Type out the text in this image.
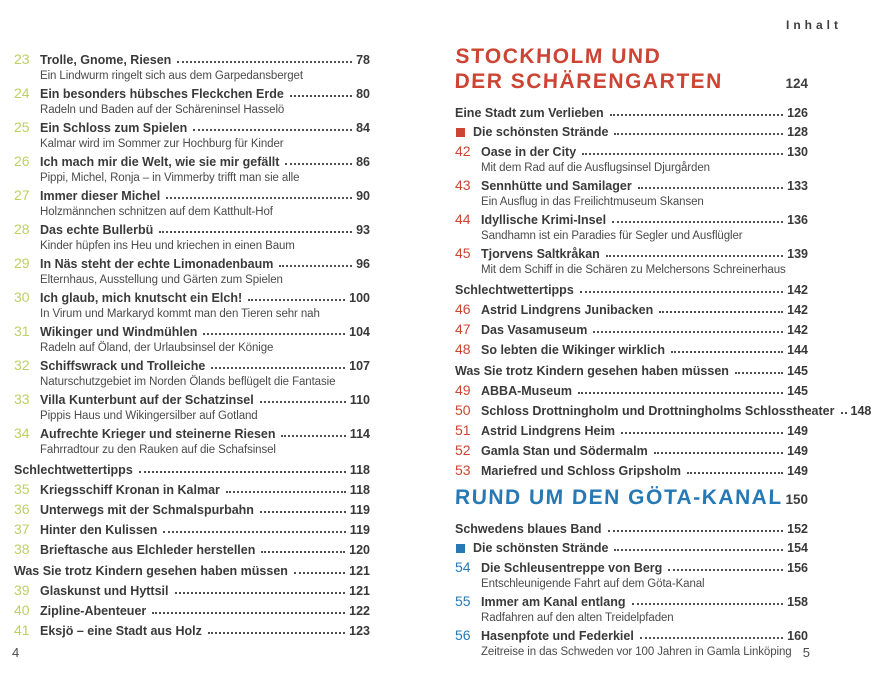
Inhalt
23 Trolle, Gnome, Riesen	78
Ein Lindwurm ringelt sich aus dem Garpedansberget
24 Ein besonders hübsches Fleckchen Erde	80
Radeln und Baden auf der Schäreninsel Hasselö
25 Ein Schloss zum Spielen	84
Kalmar wird im Sommer zur Hochburg für Kinder
26 Ich mach mir die Welt, wie sie mir gefällt	86
Pippi, Michel, Ronja – in Vimmerby trifft man sie alle
27 Immer dieser Michel	90
Holzmännchen schnitzen auf dem Katthult-Hof
28 Das echte Bullerbü	93
Kinder hüpfen ins Heu und kriechen in einen Baum
29 In Näs steht der echte Limonadenbaum	96
Elternhaus, Ausstellung und Gärten zum Spielen
30 Ich glaub, mich knutscht ein Elch!	100
In Virum und Markaryd kommt man den Tieren sehr nah
31 Wikinger und Windmühlen	104
Radeln auf Öland, der Urlaubsinsel der Könige
32 Schiffswrack und Trolleiche	107
Naturschutzgebiet im Norden Ölands beflügelt die Fantasie
33 Villa Kunterbunt auf der Schatzinsel	110
Pippis Haus und Wikingersilber auf Gotland
34 Aufrechte Krieger und steinerne Riesen	114
Fahrradtour zu den Rauken auf die Schafsinsel
Schlechtwettertipps	118
35 Kriegsschiff Kronan in Kalmar	118
36 Unterwegs mit der Schmalspurbahn	119
37 Hinter den Kulissen	119
38 Brieftasche aus Elchleder herstellen	120
Was Sie trotz Kindern gesehen haben müssen	121
39 Glaskunst und Hyttsil	121
40 Zipline-Abenteuer	122
41 Eksjö – eine Stadt aus Holz	123
STOCKHOLM UND
DER SCHÄRENGARTEN	124
Eine Stadt zum Verlieben	126
Die schönsten Strände	128
42 Oase in der City	130
Mit dem Rad auf die Ausflugsinsel Djurgården
43 Sennhütte und Samilager	133
Ein Ausflug in das Freilichtmuseum Skansen
44 Idyllische Krimi-Insel	136
Sandhamn ist ein Paradies für Segler und Ausflügler
45 Tjorvens Saltkråkan	139
Mit dem Schiff in die Schären zu Melchersons Schreinerhaus
Schlechtwettertipps	142
46 Astrid Lindgrens Junibacken	142
47 Das Vasamuseum	142
48 So lebten die Wikinger wirklich	144
Was Sie trotz Kindern gesehen haben müssen	145
49 ABBA-Museum	145
50 Schloss Drottningholm und Drottningholms Schlosstheater 148
51 Astrid Lindgrens Heim	149
52 Gamla Stan und Södermalm	149
53 Mariefred und Schloss Gripsholm	149
RUND UM DEN GÖTA-KANAL 150
Schwedens blaues Band	152
Die schönsten Strände	154
54 Die Schleusentreppe von Berg	156
Entschleunigende Fahrt auf dem Göta-Kanal
55 Immer am Kanal entlang	158
Radfahren auf den alten Treidelpfaden
56 Hasenpfote und Federkiel	160
Zeitreise in das Schweden vor 100 Jahren in Gamla Linköping
4	5
